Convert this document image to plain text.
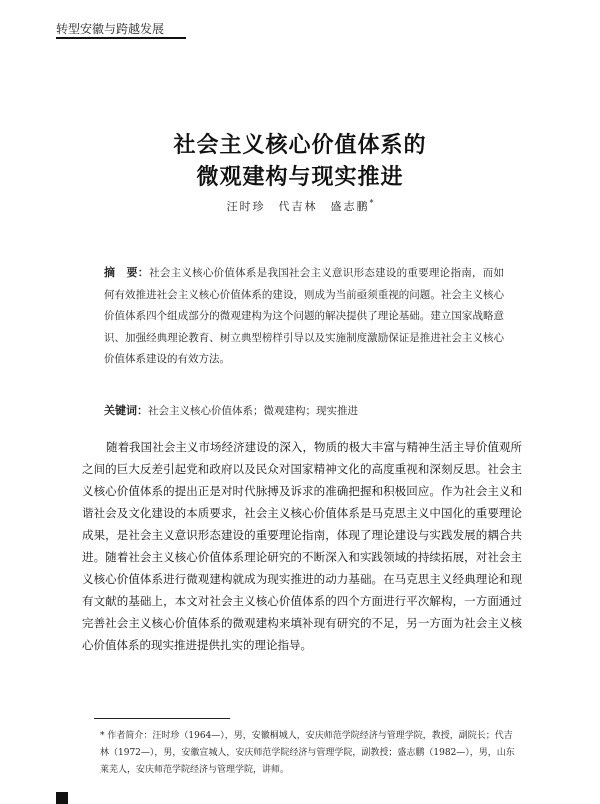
转型安徽与跨越发展
社会主义核心价值体系的
微观建构与现实推进
汪时珍　代吉林　盛志鹏*
摘　要：社会主义核心价值体系是我国社会主义意识形态建设的重要理论指南，而如何有效推进社会主义核心价值体系的建设，则成为当前亟须重视的问题。社会主义核心价值体系四个组成部分的微观建构为这个问题的解决提供了理论基础。建立国家战略意识、加强经典理论教育、树立典型榜样引导以及实施制度激励保证是推进社会主义核心价值体系建设的有效方法。
关键词：社会主义核心价值体系；微观建构；现实推进
随着我国社会主义市场经济建设的深入，物质的极大丰富与精神生活主导价值观所之间的巨大反差引起党和政府以及民众对国家精神文化的高度重视和深刻反思。社会主义核心价值体系的提出正是对时代脉搏及诉求的准确把握和积极回应。作为社会主义和谐社会及文化建设的本质要求，社会主义核心价值体系是马克思主义中国化的重要理论成果，是社会主义意识形态建设的重要理论指南，体现了理论建设与实践发展的耦合共进。随着社会主义核心价值体系理论研究的不断深入和实践领域的持续拓展，对社会主义核心价值体系进行微观建构就成为现实推进的动力基础。在马克思主义经典理论和现有文献的基础上，本文对社会主义核心价值体系的四个方面进行平次解构，一方面通过完善社会主义核心价值体系的微观建构来填补现有研究的不足，另一方面为社会主义核心价值体系的现实推进提供扎实的理论指导。
* 作者简介：汪时珍（1964—），男，安徽桐城人，安庆师范学院经济与管理学院，教授，副院长；代吉林（1972—），男，安徽宣城人，安庆师范学院经济与管理学院，副教授；盛志鹏（1982—），男，山东莱芜人，安庆师范学院经济与管理学院，讲师。
